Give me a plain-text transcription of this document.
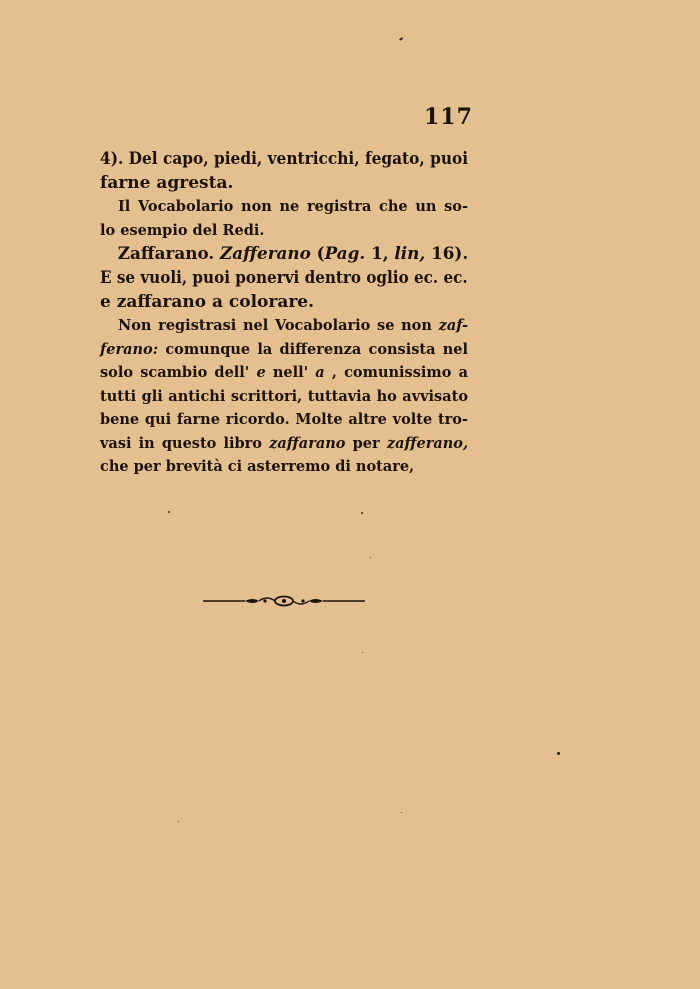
117
4). Del capo, piedi, ventricchi, fegato, puoi
farne agresta.
Il Vocabolario non ne registra che un so-
lo esempio del Redi.
Zaffarano. Zafferano (Pag. 1, lin, 16).
E se vuoli, puoi ponervi dentro oglio ec. ec.
e zaffarano a colorare.
Non registrasi nel Vocabolario se non zaf-
ferano: comunque la differenza consista nel
solo scambio dell' e nell' a , comunissimo a
tutti gli antichi scrittori, tuttavia ho avvisato
bene qui farne ricordo. Molte altre volte tro-
vasi in questo libro zaffarano per zafferano,
che per brevità ci asterremo di notare,
